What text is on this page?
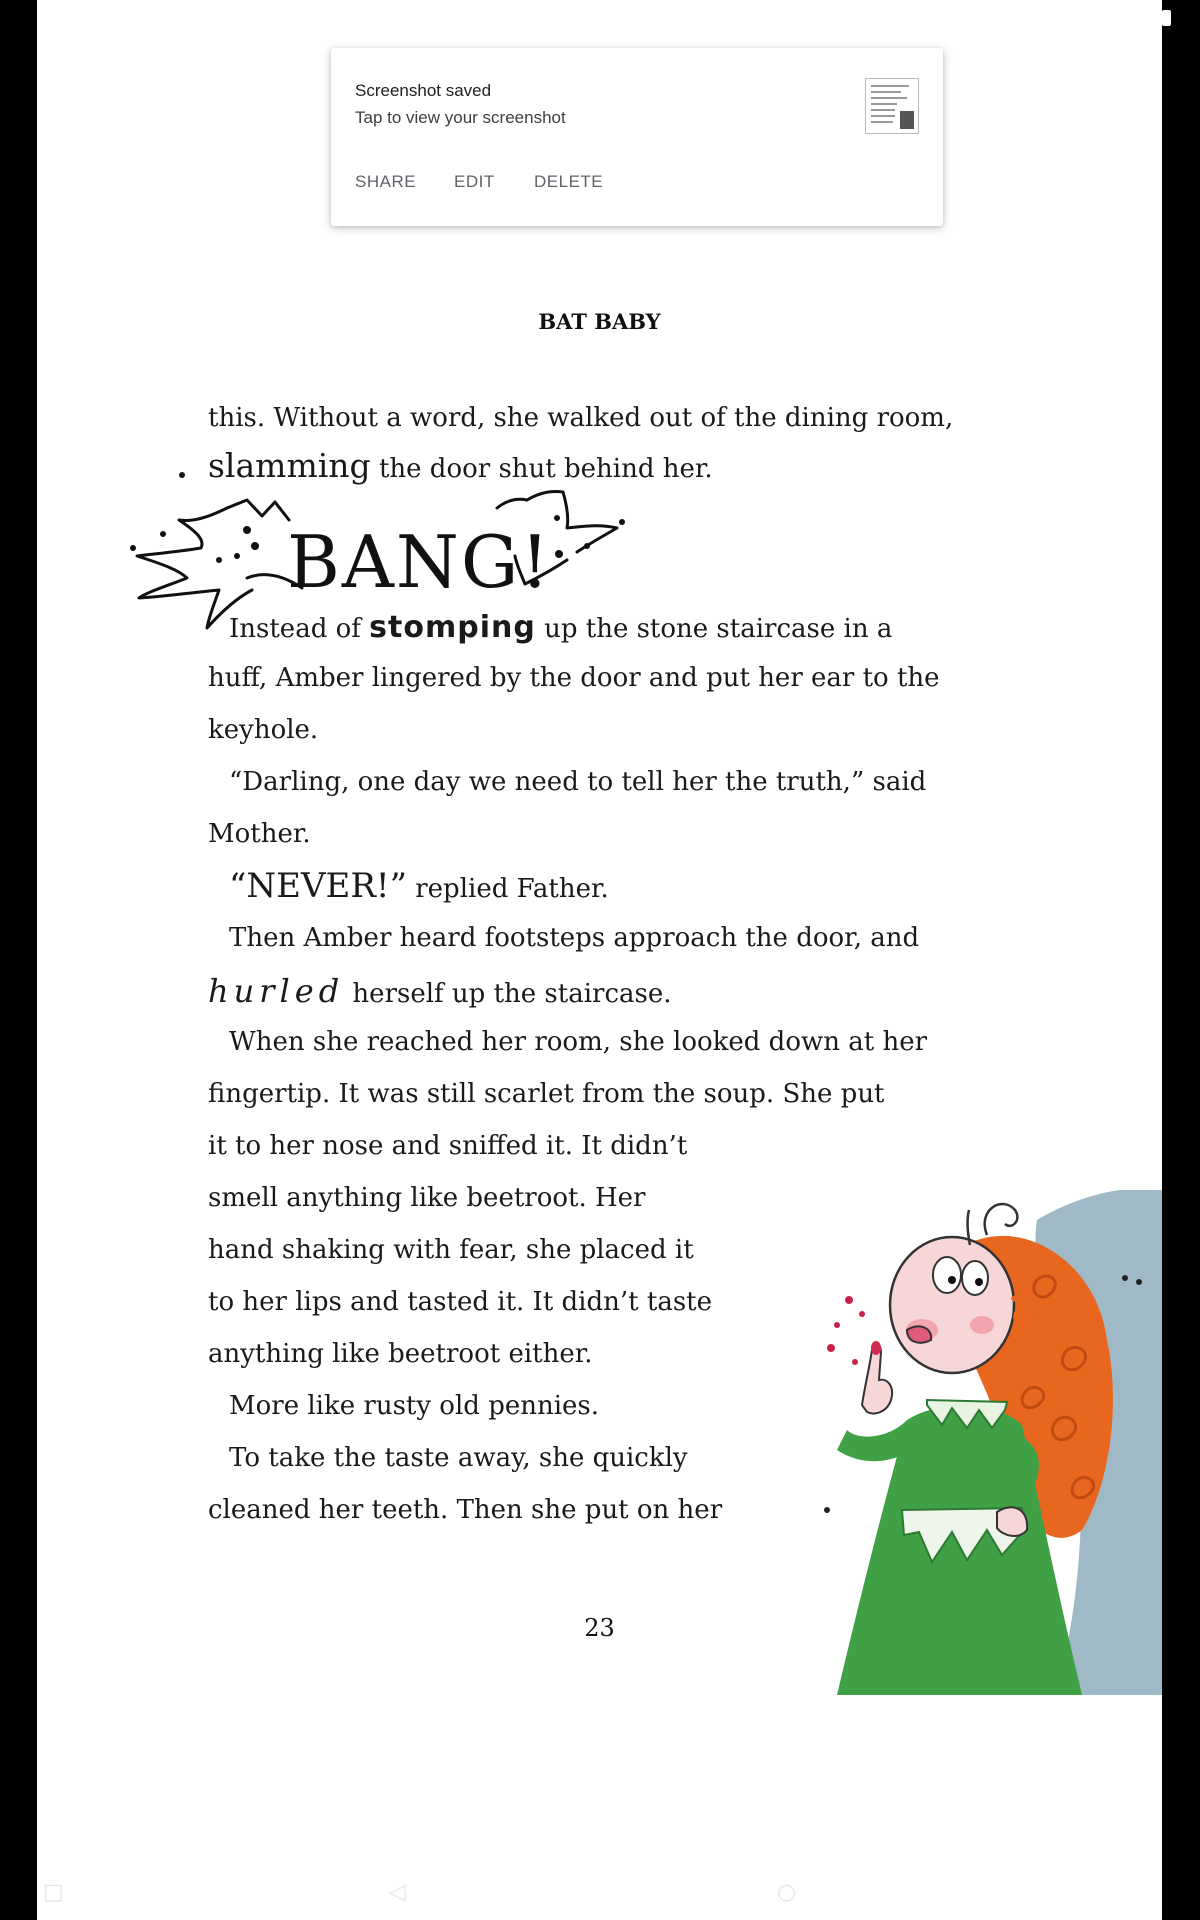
Screenshot saved
Tap to view your screenshot
SHARE EDIT DELETE
BAT BABY
this. Without a word, she walked out of the dining room,
slamming the door shut behind her.
BANG!
Instead of stomping up the stone staircase in a
huff, Amber lingered by the door and put her ear to the
keyhole.
“Darling, one day we need to tell her the truth,” said
Mother.
“NEVER!” replied Father.
Then Amber heard footsteps approach the door, and
hurled herself up the staircase.
When she reached her room, she looked down at her
fingertip. It was still scarlet from the soup. She put
it to her nose and sniffed it. It didn’t
smell anything like beetroot. Her
hand shaking with fear, she placed it
to her lips and tasted it. It didn’t taste
anything like beetroot either.
More like rusty old pennies.
To take the taste away, she quickly
cleaned her teeth. Then she put on her
23
□	◁	○
